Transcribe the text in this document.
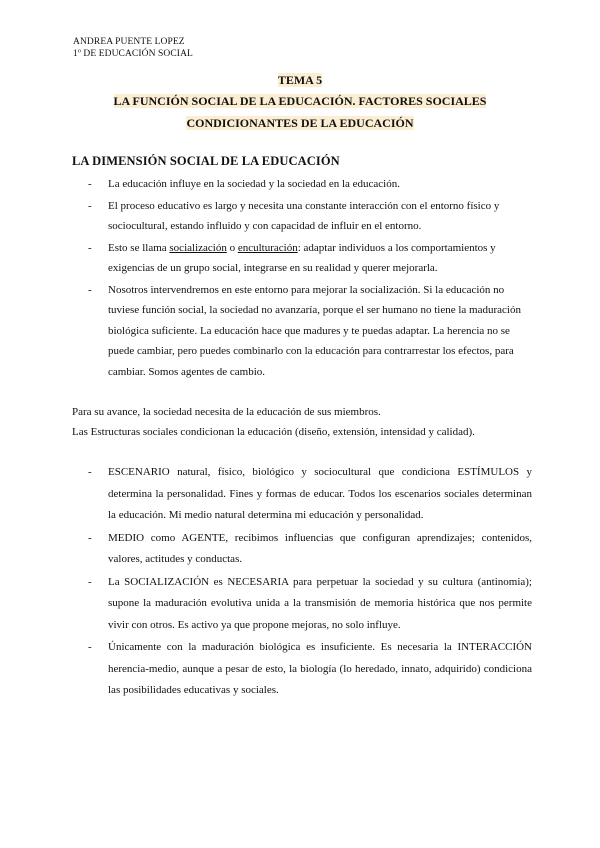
ANDREA PUENTE LOPEZ
1º DE EDUCACIÓN SOCIAL
TEMA 5
LA FUNCIÓN SOCIAL DE LA EDUCACIÓN. FACTORES SOCIALES
CONDICIONANTES DE LA EDUCACIÓN
LA DIMENSIÓN SOCIAL DE LA EDUCACIÓN
- La educación influye en la sociedad y la sociedad en la educación.
- El proceso educativo es largo y necesita una constante interacción con el entorno físico y sociocultural, estando influido y con capacidad de influir en el entorno.
- Esto se llama socialización o enculturación: adaptar individuos a los comportamientos y exigencias de un grupo social, integrarse en su realidad y querer mejorarla.
- Nosotros intervendremos en este entorno para mejorar la socialización. Si la educación no tuviese función social, la sociedad no avanzaría, porque el ser humano no tiene la maduración biológica suficiente. La educación hace que madures y te puedas adaptar. La herencia no se puede cambiar, pero puedes combinarlo con la educación para contrarrestar los efectos, para cambiar. Somos agentes de cambio.
Para su avance, la sociedad necesita de la educación de sus miembros.
Las Estructuras sociales condicionan la educación (diseño, extensión, intensidad y calidad).
- ESCENARIO natural, físico, biológico y sociocultural que condiciona ESTÍMULOS y determina la personalidad. Fines y formas de educar. Todos los escenarios sociales determinan la educación. Mi medio natural determina mi educación y personalidad.
- MEDIO como AGENTE, recibimos influencias que configuran aprendizajes; contenidos, valores, actitudes y conductas.
- La SOCIALIZACIÓN es NECESARIA para perpetuar la sociedad y su cultura (antinomia); supone la maduración evolutiva unida a la transmisión de memoria histórica que nos permite vivir con otros. Es activo ya que propone mejoras, no solo influye.
- Únicamente con la maduración biológica es insuficiente. Es necesaria la INTERACCIÓN herencia-medio, aunque a pesar de esto, la biología (lo heredado, innato, adquirido) condiciona las posibilidades educativas y sociales.
